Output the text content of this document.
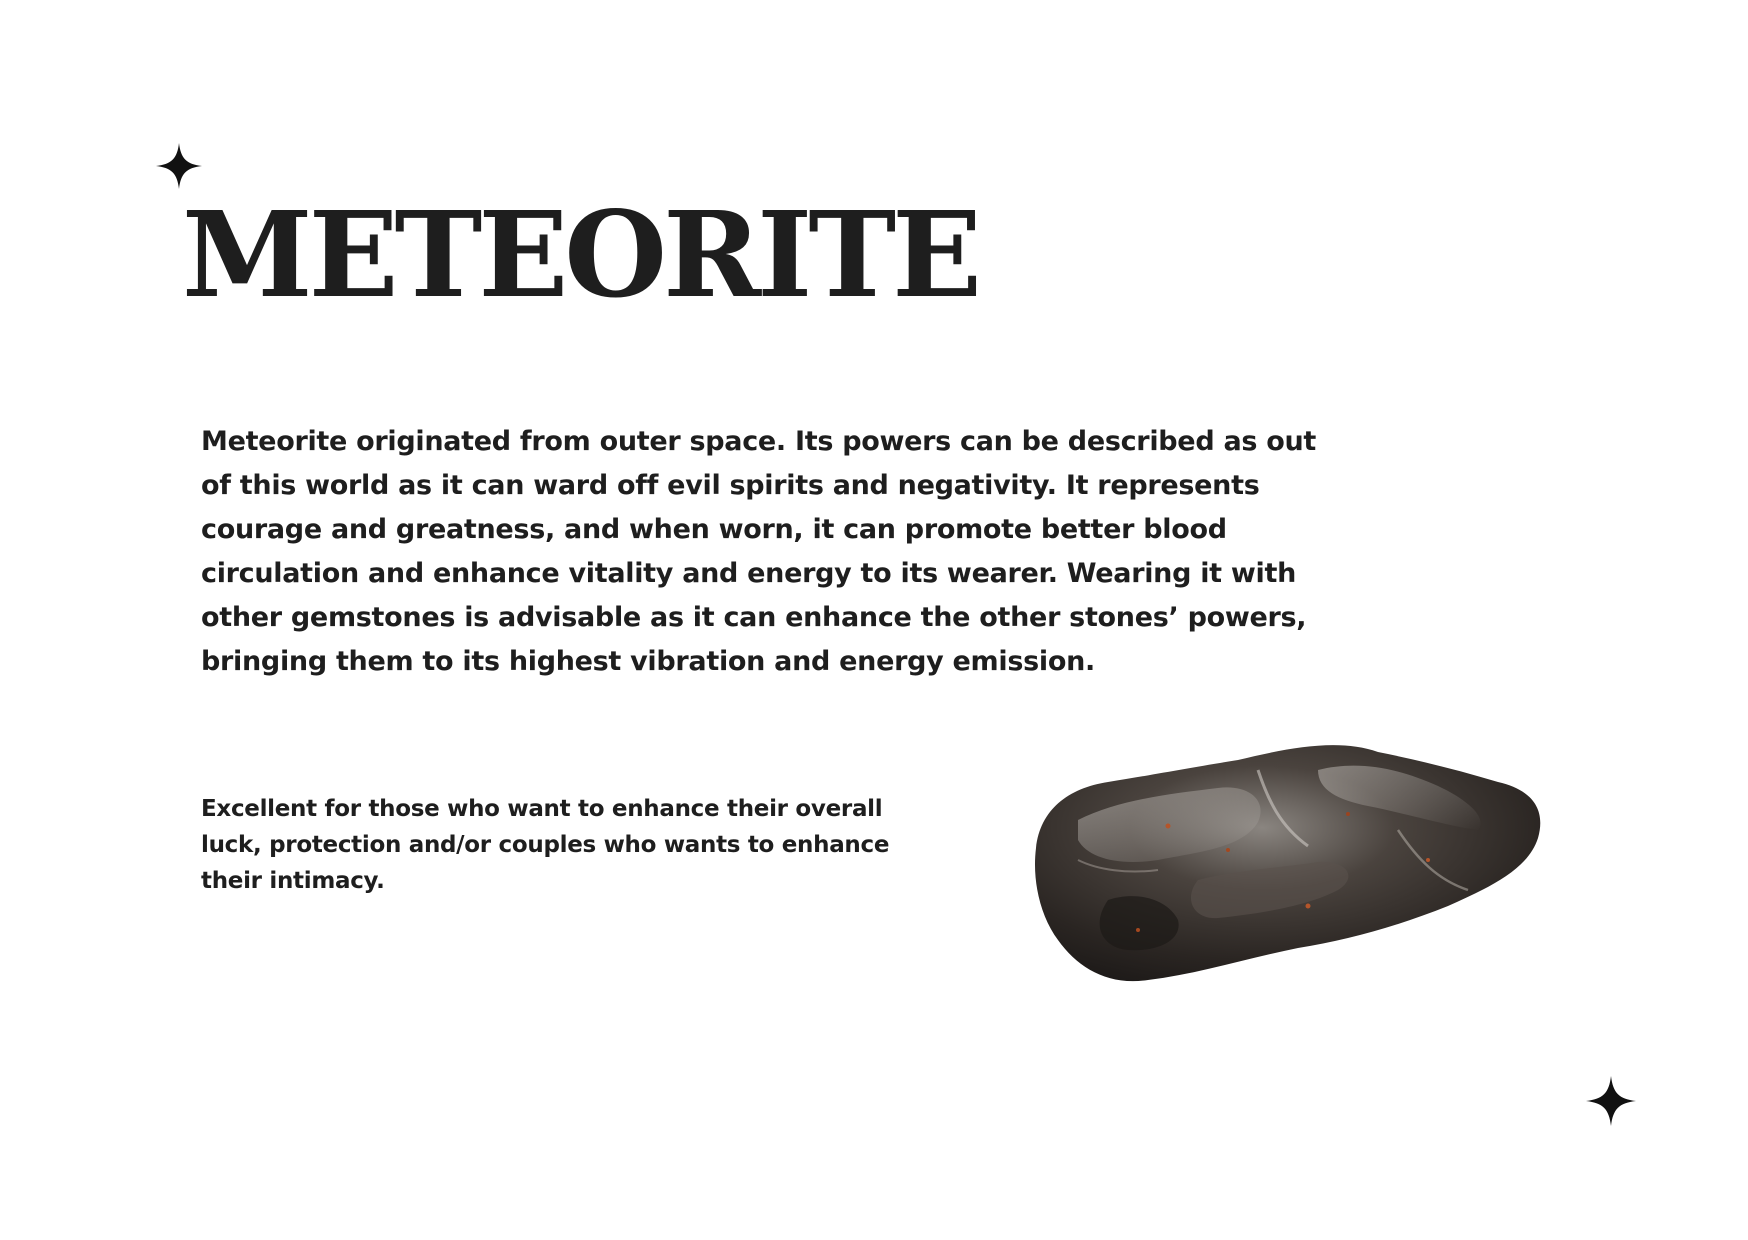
METEORITE

Meteorite originated from outer space. Its powers can be described as out of this world as it can ward off evil spirits and negativity. It represents courage and greatness, and when worn, it can promote better blood circulation and enhance vitality and energy to its wearer. Wearing it with other gemstones is advisable as it can enhance the other stones’ powers, bringing them to its highest vibration and energy emission.

Excellent for those who want to enhance their overall luck, protection and/or couples who wants to enhance their intimacy.
